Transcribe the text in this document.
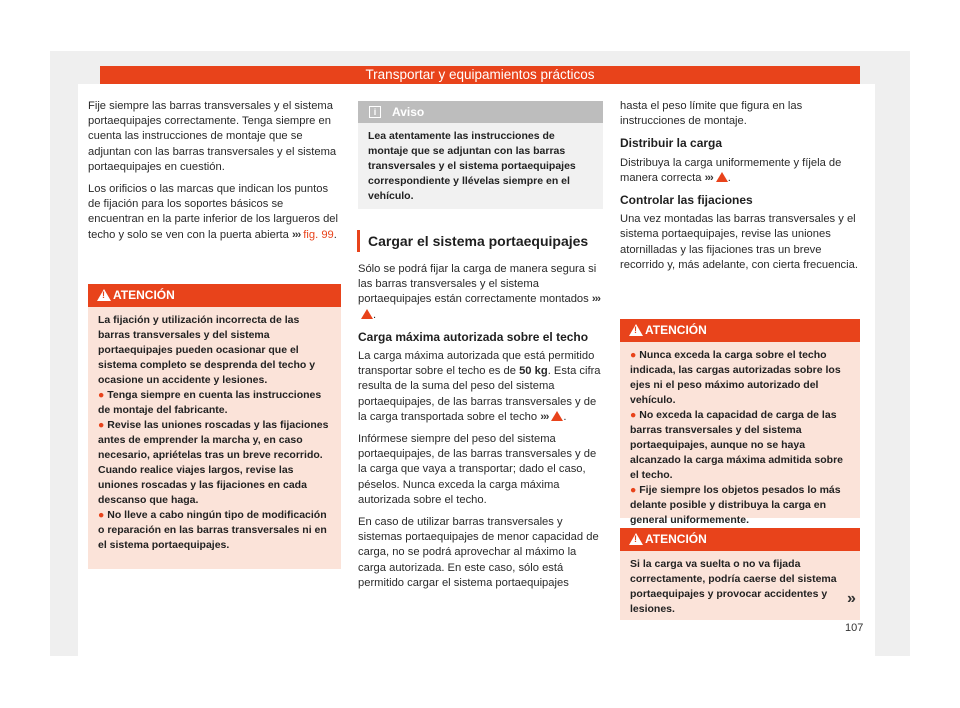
Transportar y equipamientos prácticos

Fije siempre las barras transversales y el sistema portaequipajes correctamente. Tenga siempre en cuenta las instrucciones de montaje que se adjuntan con las barras transversales y el sistema portaequipajes en cuestión.

Los orificios o las marcas que indican los puntos de fijación para los soportes básicos se encuentran en la parte inferior de los largueros del techo y solo se ven con la puerta abierta ››› fig. 99.

!
ATENCIÓN

La fijación y utilización incorrecta de las barras transversales y del sistema portaequipajes pueden ocasionar que el sistema completo se desprenda del techo y ocasione un accidente y lesiones.

● Tenga siempre en cuenta las instrucciones de montaje del fabricante.

● Revise las uniones roscadas y las fijaciones antes de emprender la marcha y, en caso necesario, apriételas tras un breve recorrido. Cuando realice viajes largos, revise las uniones roscadas y las fijaciones en cada descanso que haga.

● No lleve a cabo ningún tipo de modificación o reparación en las barras transversales ni en el sistema portaequipajes.

i	Aviso

Lea atentamente las instrucciones de montaje que se adjuntan con las barras transversales y el sistema portaequipajes correspondiente y llévelas siempre en el vehículo.

Cargar el sistema portaequipajes

Sólo se podrá fijar la carga de manera segura si las barras transversales y el sistema portaequipajes están correctamente montados ›››.

Carga máxima autorizada sobre el techo

La carga máxima autorizada que está permitido transportar sobre el techo es de 50 kg. Esta cifra resulta de la suma del peso del sistema portaequipajes, de las barras transversales y de la carga transportada sobre el techo ››› .

Infórmese siempre del peso del sistema portaequipajes, de las barras transversales y de la carga que vaya a transportar; dado el caso, péselos. Nunca exceda la carga máxima autorizada sobre el techo.

En caso de utilizar barras transversales y sistemas portaequipajes de menor capacidad de carga, no se podrá aprovechar al máximo la carga autorizada. En este caso, sólo está permitido cargar el sistema portaequipajes

hasta el peso límite que figura en las instrucciones de montaje.

Distribuir la carga

Distribuya la carga uniformemente y fíjela de manera correcta ››› .

Controlar las fijaciones

Una vez montadas las barras transversales y el sistema portaequipajes, revise las uniones atornilladas y las fijaciones tras un breve recorrido y, más adelante, con cierta frecuencia.

!
ATENCIÓN

● Nunca exceda la carga sobre el techo indicada, las cargas autorizadas sobre los ejes ni el peso máximo autorizado del vehículo.

● No exceda la capacidad de carga de las barras transversales y del sistema portaequipajes, aunque no se haya alcanzado la carga máxima admitida sobre el techo.

● Fije siempre los objetos pesados lo más delante posible y distribuya la carga en general uniformemente.

!
ATENCIÓN

Si la carga va suelta o no va fijada correctamente, podría caerse del sistema portaequipajes y provocar accidentes y lesiones.

»
107
